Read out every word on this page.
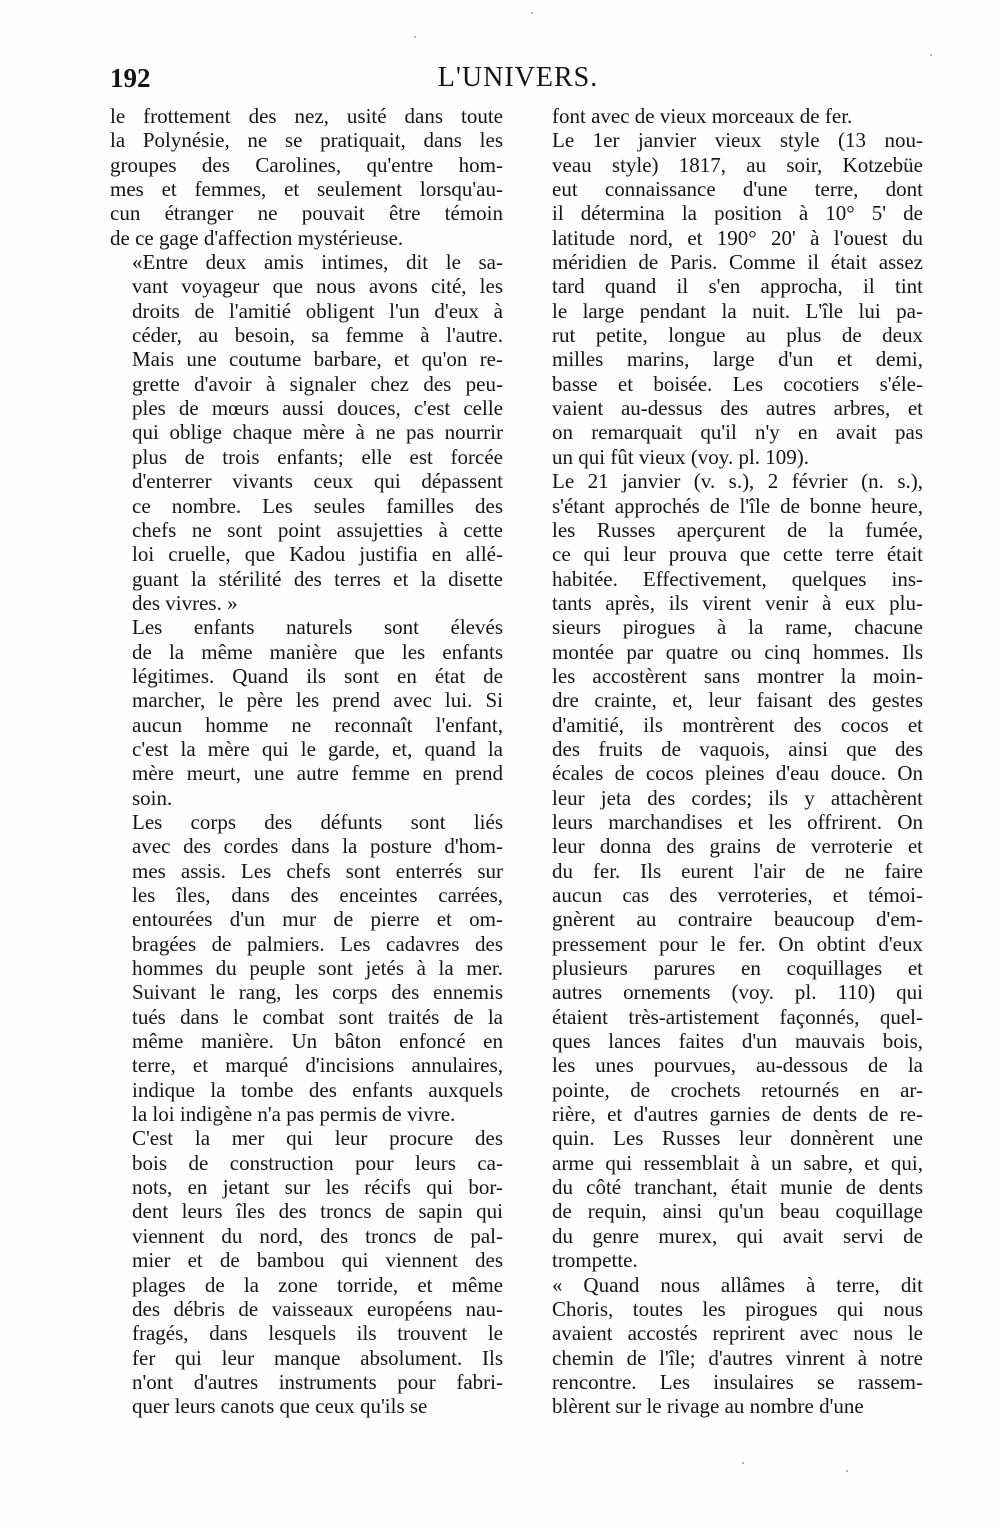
192	L'UNIVERS.
le frottement des nez, usité dans toute
la Polynésie, ne se pratiquait, dans les
groupes des Carolines, qu'entre hom-
mes et femmes, et seulement lorsqu'au-
cun étranger ne pouvait être témoin
de ce gage d'affection mystérieuse.
«Entre deux amis intimes, dit le sa-
vant voyageur que nous avons cité, les
droits de l'amitié obligent l'un d'eux à
céder, au besoin, sa femme à l'autre.
Mais une coutume barbare, et qu'on re-
grette d'avoir à signaler chez des peu-
ples de mœurs aussi douces, c'est celle
qui oblige chaque mère à ne pas nourrir
plus de trois enfants; elle est forcée
d'enterrer vivants ceux qui dépassent
ce nombre. Les seules familles des
chefs ne sont point assujetties à cette
loi cruelle, que Kadou justifia en allé-
guant la stérilité des terres et la disette
des vivres. »
Les enfants naturels sont élevés
de la même manière que les enfants
légitimes. Quand ils sont en état de
marcher, le père les prend avec lui. Si
aucun homme ne reconnaît l'enfant,
c'est la mère qui le garde, et, quand la
mère meurt, une autre femme en prend
soin.
Les corps des défunts sont liés
avec des cordes dans la posture d'hom-
mes assis. Les chefs sont enterrés sur
les îles, dans des enceintes carrées,
entourées d'un mur de pierre et om-
bragées de palmiers. Les cadavres des
hommes du peuple sont jetés à la mer.
Suivant le rang, les corps des ennemis
tués dans le combat sont traités de la
même manière. Un bâton enfoncé en
terre, et marqué d'incisions annulaires,
indique la tombe des enfants auxquels
la loi indigène n'a pas permis de vivre.
C'est la mer qui leur procure des
bois de construction pour leurs ca-
nots, en jetant sur les récifs qui bor-
dent leurs îles des troncs de sapin qui
viennent du nord, des troncs de pal-
mier et de bambou qui viennent des
plages de la zone torride, et même
des débris de vaisseaux européens nau-
fragés, dans lesquels ils trouvent le
fer qui leur manque absolument. Ils
n'ont d'autres instruments pour fabri-
quer leurs canots que ceux qu'ils se
font avec de vieux morceaux de fer.
Le 1er janvier vieux style (13 nou-
veau style) 1817, au soir, Kotzebüe
eut connaissance d'une terre, dont
il détermina la position à 10° 5' de
latitude nord, et 190° 20' à l'ouest du
méridien de Paris. Comme il était assez
tard quand il s'en approcha, il tint
le large pendant la nuit. L'île lui pa-
rut petite, longue au plus de deux
milles marins, large d'un et demi,
basse et boisée. Les cocotiers s'éle-
vaient au-dessus des autres arbres, et
on remarquait qu'il n'y en avait pas
un qui fût vieux (voy. pl. 109).
Le 21 janvier (v. s.), 2 février (n. s.),
s'étant approchés de l'île de bonne heure,
les Russes aperçurent de la fumée,
ce qui leur prouva que cette terre était
habitée. Effectivement, quelques ins-
tants après, ils virent venir à eux plu-
sieurs pirogues à la rame, chacune
montée par quatre ou cinq hommes. Ils
les accostèrent sans montrer la moin-
dre crainte, et, leur faisant des gestes
d'amitié, ils montrèrent des cocos et
des fruits de vaquois, ainsi que des
écales de cocos pleines d'eau douce. On
leur jeta des cordes; ils y attachèrent
leurs marchandises et les offrirent. On
leur donna des grains de verroterie et
du fer. Ils eurent l'air de ne faire
aucun cas des verroteries, et témoi-
gnèrent au contraire beaucoup d'em-
pressement pour le fer. On obtint d'eux
plusieurs parures en coquillages et
autres ornements (voy. pl. 110) qui
étaient très-artistement façonnés, quel-
ques lances faites d'un mauvais bois,
les unes pourvues, au-dessous de la
pointe, de crochets retournés en ar-
rière, et d'autres garnies de dents de re-
quin. Les Russes leur donnèrent une
arme qui ressemblait à un sabre, et qui,
du côté tranchant, était munie de dents
de requin, ainsi qu'un beau coquillage
du genre murex, qui avait servi de
trompette.
« Quand nous allâmes à terre, dit
Choris, toutes les pirogues qui nous
avaient accostés reprirent avec nous le
chemin de l'île; d'autres vinrent à notre
rencontre. Les insulaires se rassem-
blèrent sur le rivage au nombre d'une
